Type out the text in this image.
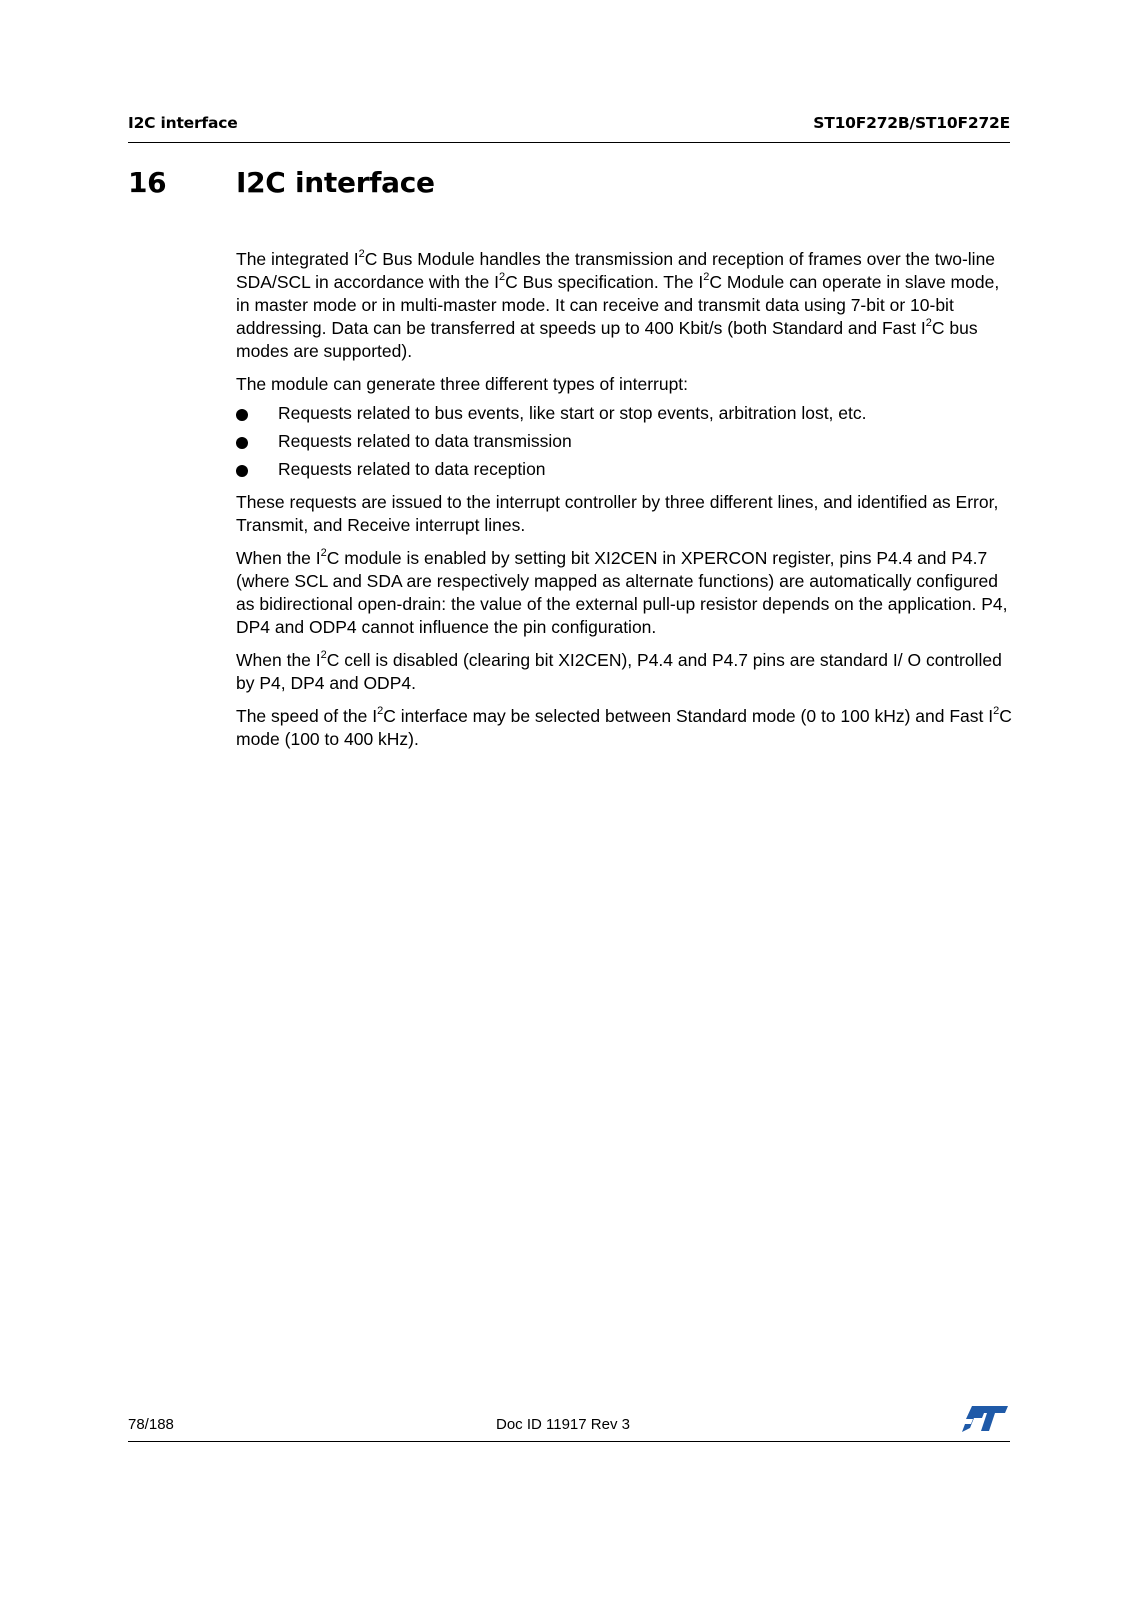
I2C interface	ST10F272B/ST10F272E
16 I2C interface

The integrated $I^2C$ Bus Module handles the transmission and reception of frames over the two-line SDA/SCL in accordance with the $I^2C$ Bus specification. The $I^2C$ Module can operate in slave mode, in master mode or in multi-master mode. It can receive and transmit data using 7-bit or 10-bit addressing. Data can be transferred at speeds up to 400 Kbit/s (both Standard and Fast $I^2C$ bus modes are supported).

The module can generate three different types of interrupt:

Requests related to bus events, like start or stop events, arbitration lost, etc.
Requests related to data transmission
Requests related to data reception

These requests are issued to the interrupt controller by three different lines, and identified as Error, Transmit, and Receive interrupt lines.

When the $I^2C$ module is enabled by setting bit XI2CEN in XPERCON register, pins P4.4 and P4.7 (where SCL and SDA are respectively mapped as alternate functions) are automatically configured as bidirectional open-drain: the value of the external pull-up resistor depends on the application. P4, DP4 and ODP4 cannot influence the pin configuration.

When the $I^2C$ cell is disabled (clearing bit XI2CEN), P4.4 and P4.7 pins are standard I/ O controlled by P4, DP4 and ODP4.

The speed of the $I^2C$ interface may be selected between Standard mode (0 to 100 kHz) and Fast $I^2C$ mode (100 to 400 kHz).

78/188	Doc ID 11917 Rev 3
